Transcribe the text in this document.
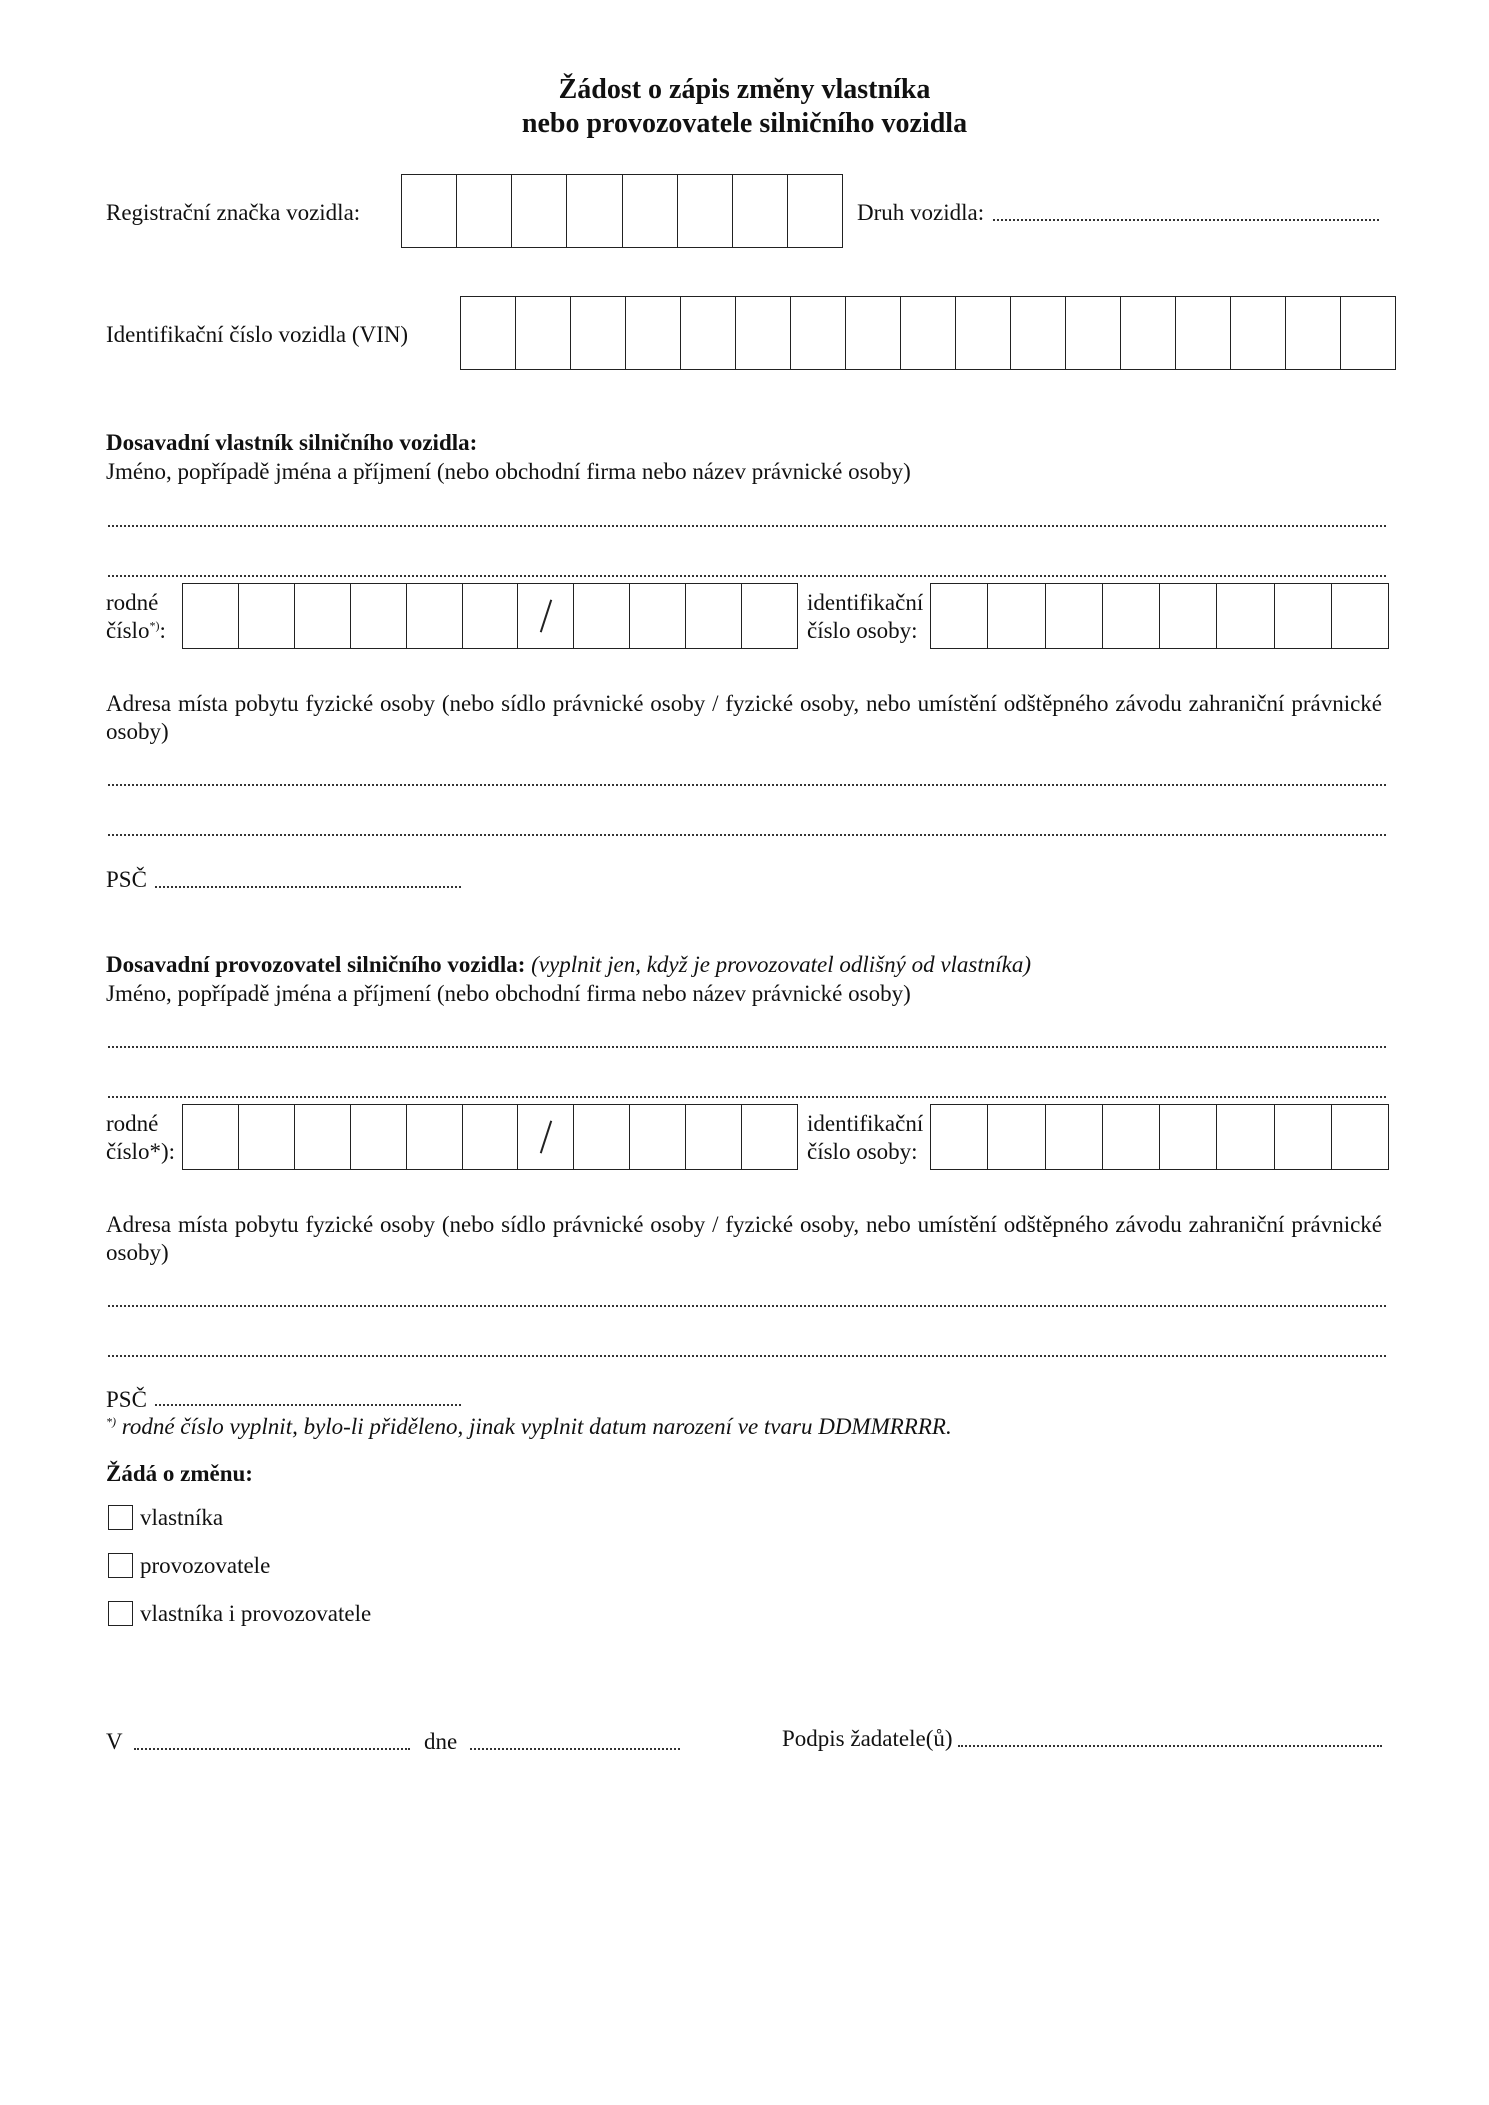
Žádost o zápis změny vlastníka
nebo provozovatele silničního vozidla
Registrační značka vozidla:	Druh vozidla:
Identifikační číslo vozidla (VIN)
Dosavadní vlastník silničního vozidla:
Jméno, popřípadě jména a příjmení (nebo obchodní firma nebo název právnické osoby)
rodné
číslo*):
identifikační
číslo osoby:
Adresa místa pobytu fyzické osoby (nebo sídlo právnické osoby / fyzické osoby, nebo umístění odštěpného závodu zahraniční právnické
osoby)
PSČ
Dosavadní provozovatel silničního vozidla: (vyplnit jen, když je provozovatel odlišný od vlastníka)
Jméno, popřípadě jména a příjmení (nebo obchodní firma nebo název právnické osoby)
rodné
číslo*):
identifikační
číslo osoby:
Adresa místa pobytu fyzické osoby (nebo sídlo právnické osoby / fyzické osoby, nebo umístění odštěpného závodu zahraniční právnické
osoby)
PSČ
*) rodné číslo vyplnit, bylo-li přiděleno, jinak vyplnit datum narození ve tvaru DDMMRRRR.
Žádá o změnu:
vlastníka
provozovatele
vlastníka i provozovatele
V	dne	Podpis žadatele(ů)
